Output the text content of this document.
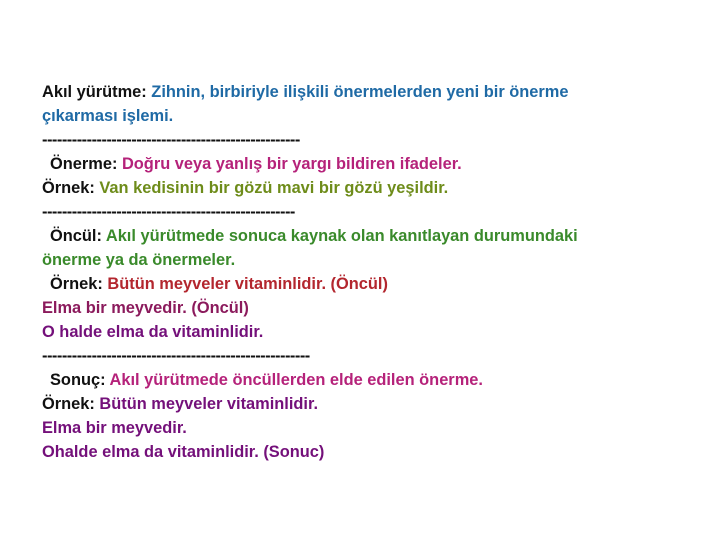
Akıl yürütme: Zihnin, birbiriyle ilişkili önermelerden yeni bir önerme
çıkarması işlemi.
----------------------------------------------------
Önerme: Doğru veya yanlış bir yargı bildiren ifadeler.
Örnek: Van kedisinin bir gözü mavi bir gözü yeşildir.
---------------------------------------------------
Öncül: Akıl yürütmede sonuca kaynak olan kanıtlayan durumundaki
önerme ya da önermeler.
Örnek: Bütün meyveler vitaminlidir. (Öncül)
Elma bir meyvedir. (Öncül)
O halde elma da vitaminlidir.
------------------------------------------------------
Sonuç: Akıl yürütmede öncüllerden elde edilen önerme.
Örnek: Bütün meyveler vitaminlidir.
Elma bir meyvedir.
Ohalde elma da vitaminlidir. (Sonuc)
